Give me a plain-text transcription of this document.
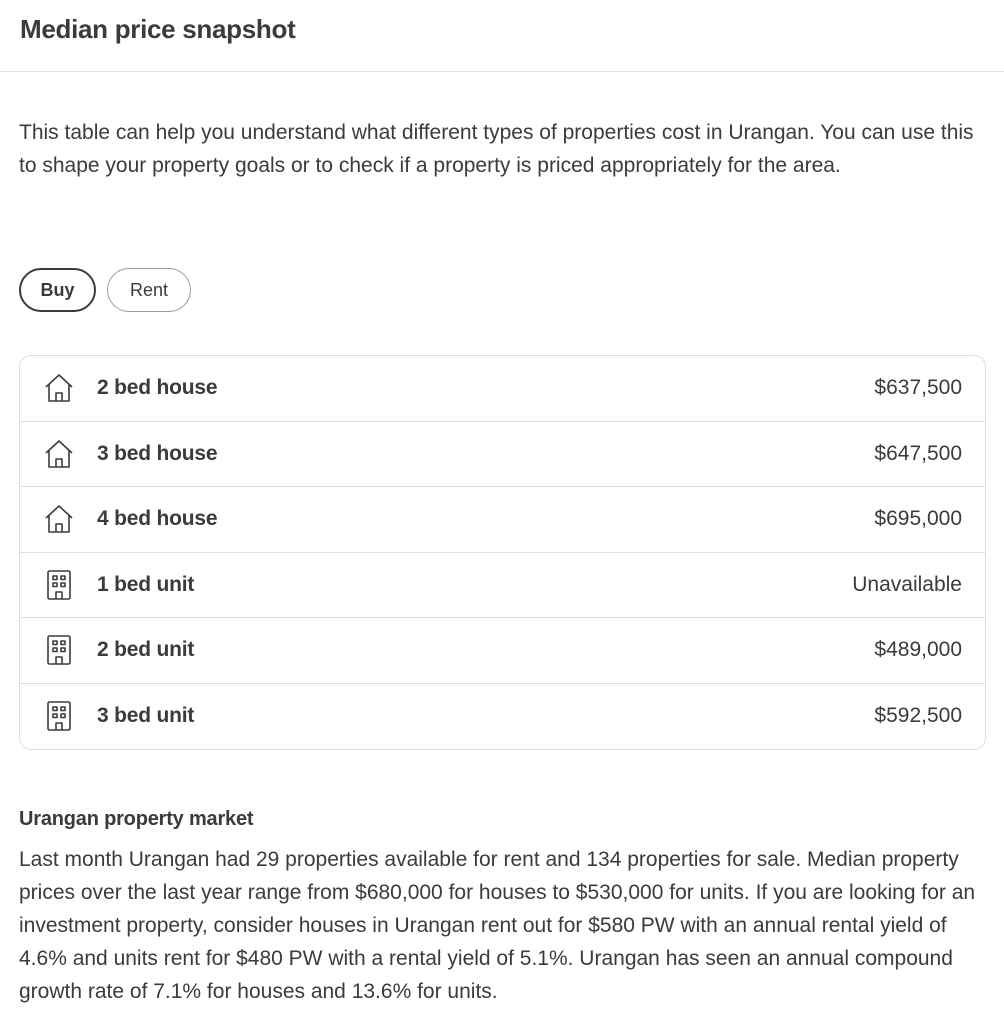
Median price snapshot

This table can help you understand what different types of properties cost in Urangan. You can use this to shape your property goals or to check if a property is priced appropriately for the area.

Buy	Rent
2 bed house	$637,500
3 bed house	$647,500
4 bed house	$695,000
1 bed unit	Unavailable
2 bed unit	$489,000
3 bed unit	$592,500
Urangan property market

Last month Urangan had 29 properties available for rent and 134 properties for sale. Median property prices over the last year range from $680,000 for houses to $530,000 for units. If you are looking for an investment property, consider houses in Urangan rent out for $580 PW with an annual rental yield of 4.6% and units rent for $480 PW with a rental yield of 5.1%. Urangan has seen an annual compound growth rate of 7.1% for houses and 13.6% for units.
